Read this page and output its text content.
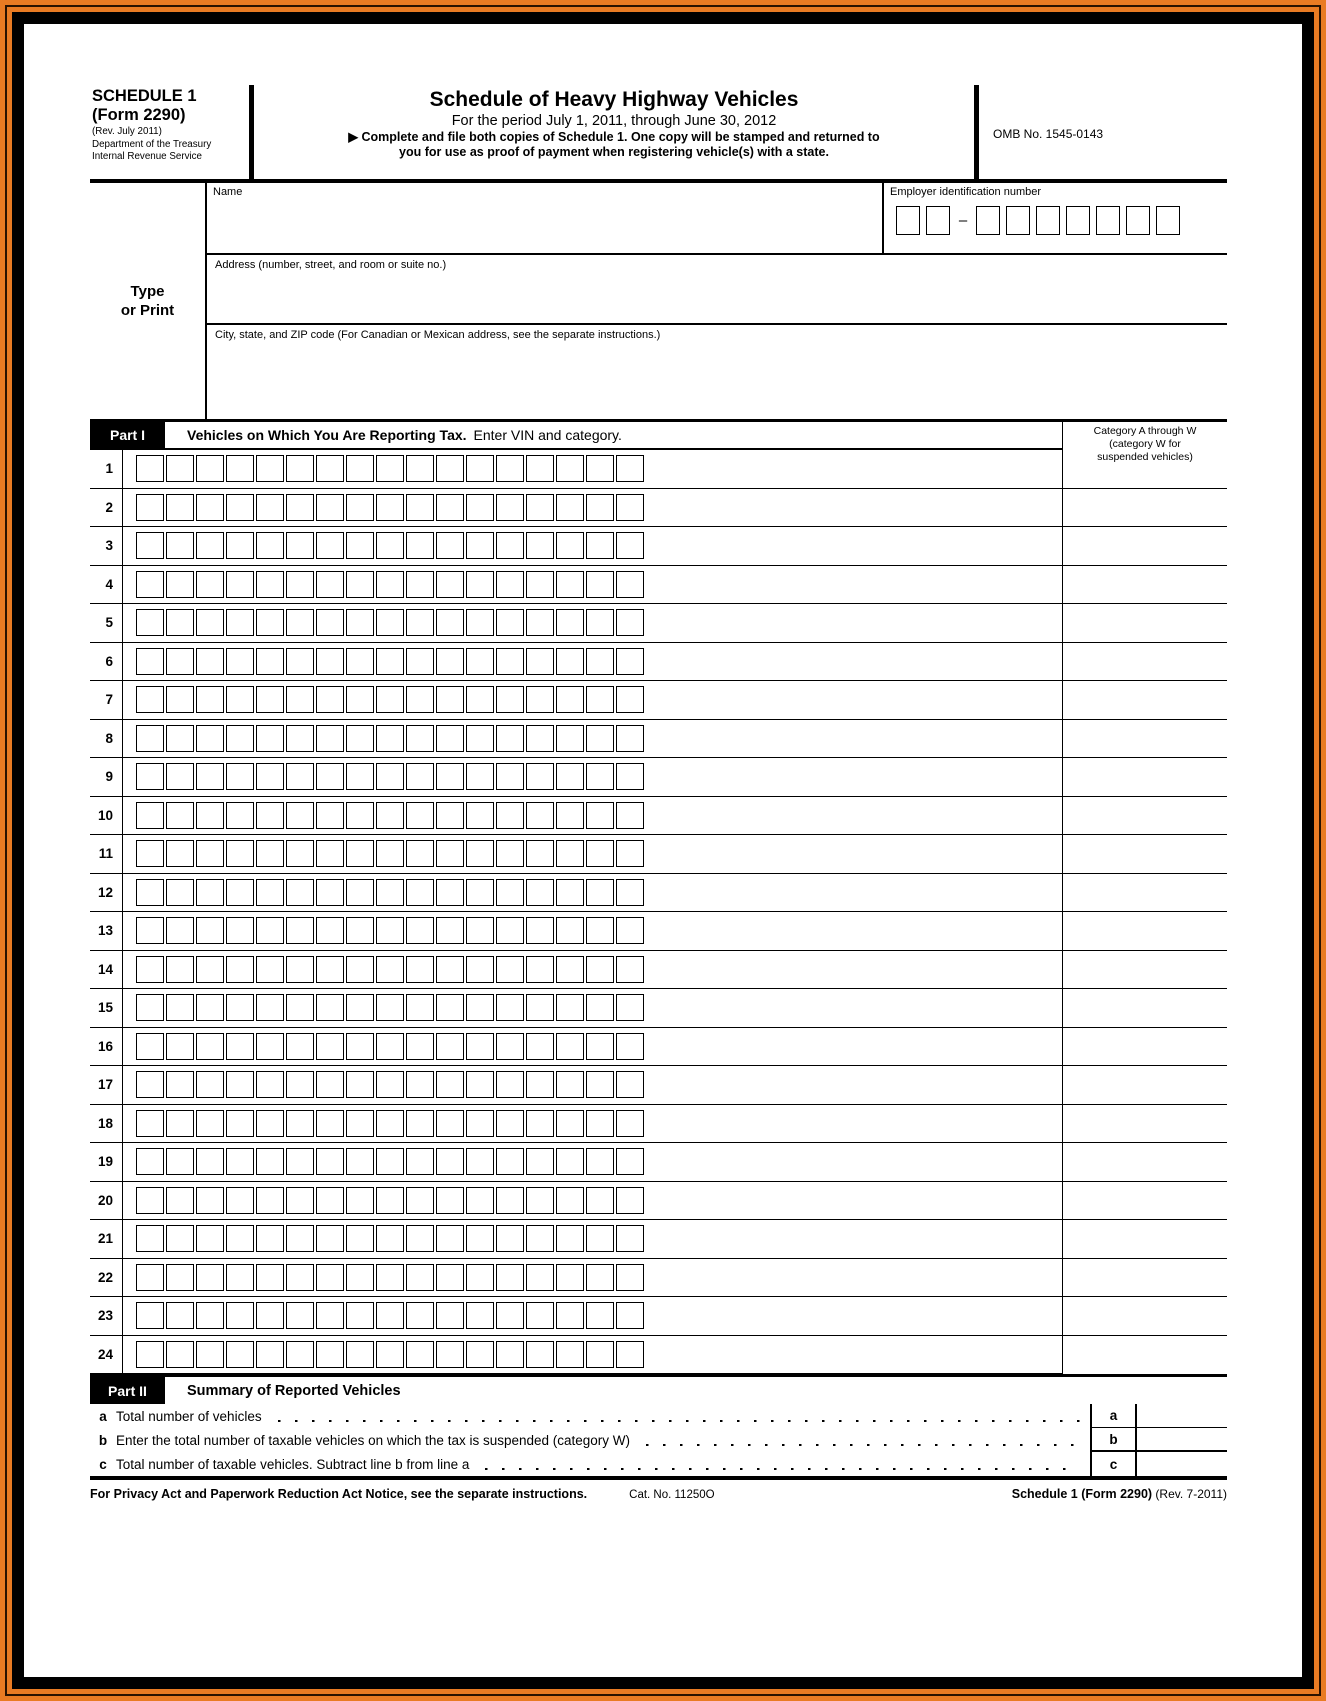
SCHEDULE 1
(Form 2290)
(Rev. July 2011)
Department of the Treasury
Internal Revenue Service
Schedule of Heavy Highway Vehicles
For the period July 1, 2011, through June 30, 2012
▶ Complete and file both copies of Schedule 1. One copy will be stamped and returned to
you for use as proof of payment when registering vehicle(s) with a state.
OMB No. 1545-0143
Type
or Print
Name	Employer identification number
–
Address (number, street, and room or suite no.)
City, state, and ZIP code (For Canadian or Mexican address, see the separate instructions.)
Part I	Vehicles on Which You Are Reporting Tax. Enter VIN and category.
1
2
3
4
5
6
7
8
9
10
11
12
13
14
15
16
17
18
19
20
21
22
23
24
Category A through W
(category W for
suspended vehicles)
Part II	Summary of Reported Vehicles
a Total number of vehicles	a
b Enter the total number of taxable vehicles on which the tax is suspended (category W)	b
c Total number of taxable vehicles. Subtract line b from line a	c
For Privacy Act and Paperwork Reduction Act Notice, see the separate instructions.	Cat. No. 11250O	Schedule 1 (Form 2290) (Rev. 7-2011)
